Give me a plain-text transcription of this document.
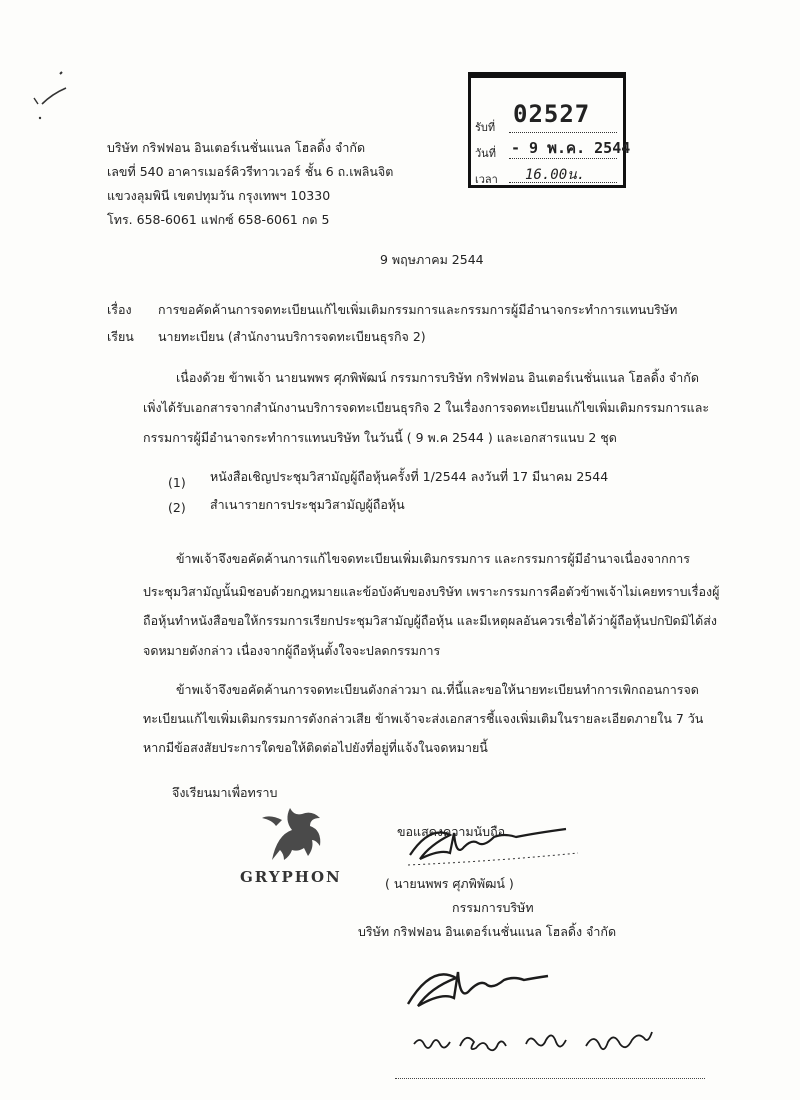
รับที่ 02527
วันที่ - 9 พ.ค. 2544
เวลา 16.00น.
บริษัท กริฟฟอน อินเตอร์เนชั่นแนล โฮลดิ้ง จำกัด
เลขที่ 540 อาคารเมอร์คิวรีทาวเวอร์ ชั้น 6 ถ.เพลินจิต
แขวงลุมพินี เขตปทุมวัน กรุงเทพฯ 10330
โทร. 658-6061 แฟกซ์ 658-6061 กด 5
9 พฤษภาคม 2544
เรื่อง การขอคัดค้านการจดทะเบียนแก้ไขเพิ่มเติมกรรมการและกรรมการผู้มีอำนาจกระทำการแทนบริษัท
เรียน นายทะเบียน (สำนักงานบริการจดทะเบียนธุรกิจ 2)
เนื่องด้วย ข้าพเจ้า นายนพพร ศุภพิพัฒน์ กรรมการบริษัท กริฟฟอน อินเตอร์เนชั่นแนล โฮลดิ้ง จำกัด
เพิ่งได้รับเอกสารจากสำนักงานบริการจดทะเบียนธุรกิจ 2 ในเรื่องการจดทะเบียนแก้ไขเพิ่มเติมกรรมการและ
กรรมการผู้มีอำนาจกระทำการแทนบริษัท ในวันนี้ ( 9 พ.ค 2544 ) และเอกสารแนบ 2 ชุด
(1) หนังสือเชิญประชุมวิสามัญผู้ถือหุ้นครั้งที่ 1/2544 ลงวันที่ 17 มีนาคม 2544
(2) สำเนารายการประชุมวิสามัญผู้ถือหุ้น
ข้าพเจ้าจึงขอคัดค้านการแก้ไขจดทะเบียนเพิ่มเติมกรรมการ และกรรมการผู้มีอำนาจเนื่องจากการ
ประชุมวิสามัญนั้นมิชอบด้วยกฎหมายและข้อบังคับของบริษัท เพราะกรรมการคือตัวข้าพเจ้าไม่เคยทราบเรื่องผู้
ถือหุ้นทำหนังสือขอให้กรรมการเรียกประชุมวิสามัญผู้ถือหุ้น และมีเหตุผลอันควรเชื่อได้ว่าผู้ถือหุ้นปกปิดมิได้ส่ง
จดหมายดังกล่าว เนื่องจากผู้ถือหุ้นตั้งใจจะปลดกรรมการ
ข้าพเจ้าจึงขอคัดค้านการจดทะเบียนดังกล่าวมา ณ.ที่นี้และขอให้นายทะเบียนทำการเพิกถอนการจด
ทะเบียนแก้ไขเพิ่มเติมกรรมการดังกล่าวเสีย ข้าพเจ้าจะส่งเอกสารชี้แจงเพิ่มเติมในรายละเอียดภายใน 7 วัน
หากมีข้อสงสัยประการใดขอให้ติดต่อไปยังที่อยู่ที่แจ้งในจดหมายนี้
จึงเรียนมาเพื่อทราบ
ขอแสดงความนับถือ
GRYPHON	( นายนพพร ศุภพิพัฒน์ )
กรรมการบริษัท
บริษัท กริฟฟอน อินเตอร์เนชั่นแนล โฮลดิ้ง จำกัด
